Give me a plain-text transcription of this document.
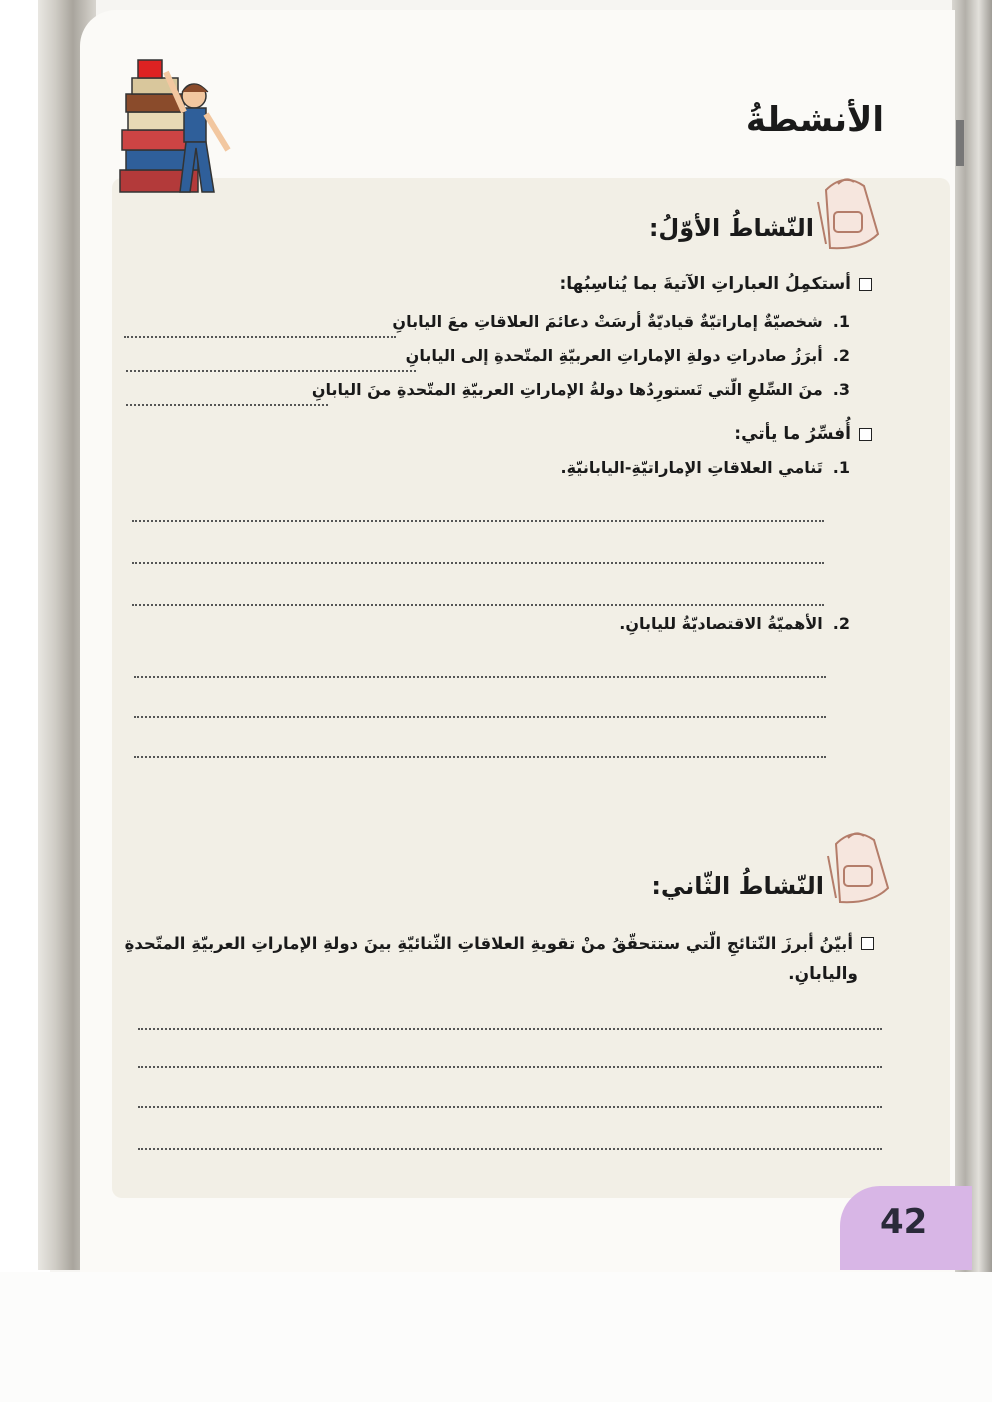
الأنشطةُ
النّشاطُ الأوّلُ:
أستكمِلُ العباراتِ الآتيةَ بما يُناسِبُها:
1.
شخصيّةٌ إماراتيّةٌ قياديّةٌ أرسَتْ دعائمَ العلاقاتِ معَ اليابانِ
2.
أبرَزُ صادراتِ دولةِ الإماراتِ العربيّةِ المتّحدةِ إلى اليابانِ
3.
منَ السِّلعِ الّتي تَستورِدُها دولةُ الإماراتِ العربيّةِ المتّحدةِ منَ اليابانِ
أُفسِّرُ ما يأتي:
1.
تَنامي العلاقاتِ الإماراتيّةِ-اليابانيّةِ.
2.
الأهميّةُ الاقتصاديّةُ لليابانِ.
النّشاطُ الثّاني:
أبيّنُ أبرزَ النّتائجِ الّتي ستتحقّقُ منْ تقويةِ العلاقاتِ الثّنائيّةِ بينَ دولةِ الإماراتِ العربيّةِ المتّحدةِ
واليابانِ.
42
